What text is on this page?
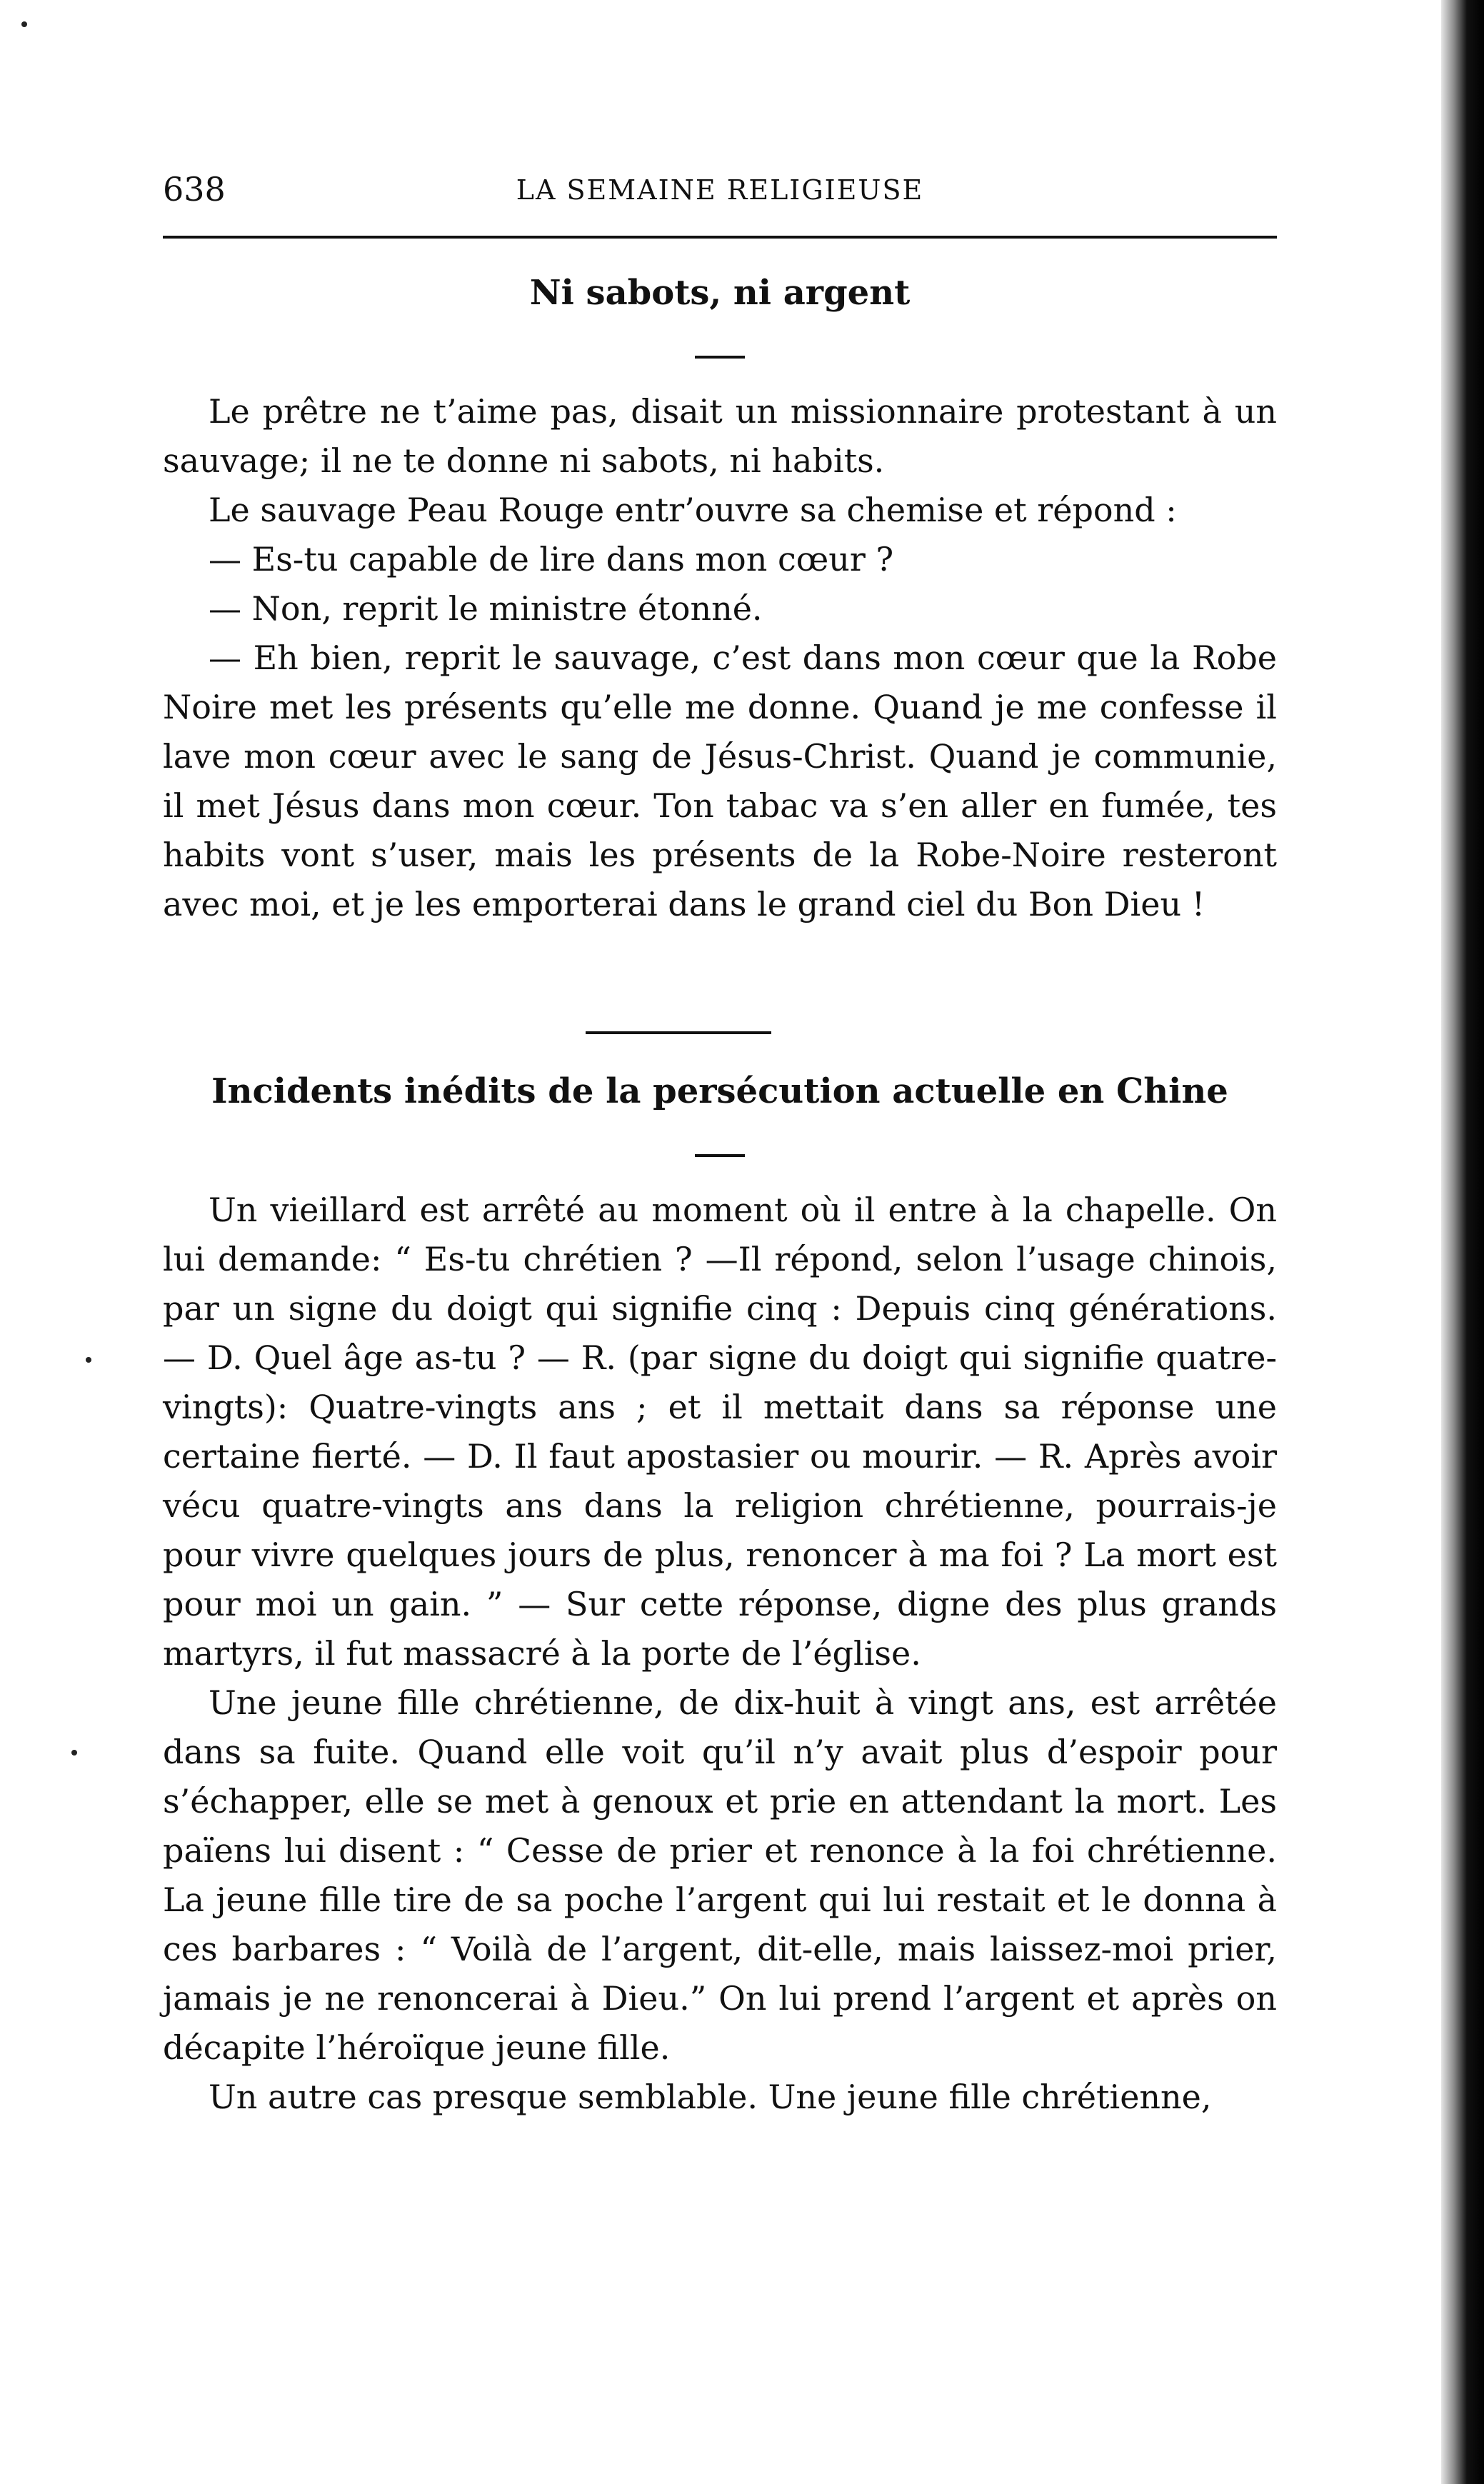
638	LA SEMAINE RELIGIEUSE
Ni sabots, ni argent

Le prêtre ne t’aime pas, disait un missionnaire protestant à un sauvage; il ne te donne ni sabots, ni habits.

Le sauvage Peau Rouge entr’ouvre sa chemise et répond :

— Es-tu capable de lire dans mon cœur ?

— Non, reprit le ministre étonné.

— Eh bien, reprit le sauvage, c’est dans mon cœur que la Robe Noire met les présents qu’elle me donne. Quand je me confesse il lave mon cœur avec le sang de Jésus-Christ. Quand je communie, il met Jésus dans mon cœur. Ton tabac va s’en aller en fumée, tes habits vont s’user, mais les présents de la Robe-Noire resteront avec moi, et je les emporterai dans le grand ciel du Bon Dieu !

Incidents inédits de la persécution actuelle en Chine

Un vieillard est arrêté au moment où il entre à la chapelle. On lui demande: “ Es-tu chrétien ? —Il répond, selon l’usage chinois, par un signe du doigt qui signifie cinq : Depuis cinq générations. — D. Quel âge as-tu ? — R. (par signe du doigt qui signifie quatre-vingts): Quatre-vingts ans ; et il mettait dans sa réponse une certaine fierté. — D. Il faut apostasier ou mourir. — R. Après avoir vécu quatre-vingts ans dans la religion chrétienne, pourrais-je pour vivre quelques jours de plus, renoncer à ma foi ? La mort est pour moi un gain. ” — Sur cette réponse, digne des plus grands martyrs, il fut massacré à la porte de l’église.

Une jeune fille chrétienne, de dix-huit à vingt ans, est arrêtée dans sa fuite. Quand elle voit qu’il n’y avait plus d’espoir pour s’échapper, elle se met à genoux et prie en attendant la mort. Les païens lui disent : “ Cesse de prier et renonce à la foi chrétienne. La jeune fille tire de sa poche l’argent qui lui restait et le donna à ces barbares : “ Voilà de l’argent, dit-elle, mais laissez-moi prier, jamais je ne renoncerai à Dieu.” On lui prend l’argent et après on décapite l’héroïque jeune fille.

Un autre cas presque semblable. Une jeune fille chrétienne,
